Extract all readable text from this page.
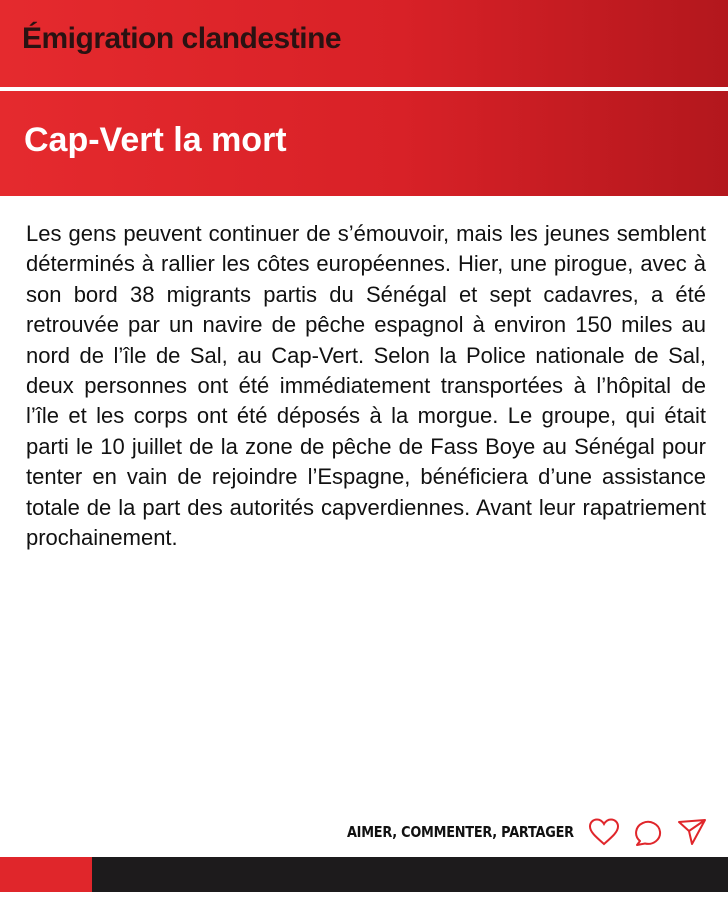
Émigration clandestine
Cap-Vert la mort

Les gens peuvent continuer de s’émouvoir, mais les jeunes semblent déterminés à rallier les côtes européennes. Hier, une pirogue, avec à son bord 38 migrants partis du Sénégal et sept cadavres, a été retrouvée par un navire de pêche espagnol à environ 150 miles au nord de l’île de Sal, au Cap-Vert. Selon la Police nationale de Sal, deux personnes ont été immédiatement transportées à l’hôpital de l’île et les corps ont été déposés à la morgue. Le groupe, qui était parti le 10 juillet de la zone de pêche de Fass Boye au Sénégal pour tenter en vain de rejoindre l’Espagne, bénéficiera d’une assistance totale de la part des autorités capverdiennes. Avant leur rapatriement prochainement.

AIMER, COMMENTER, PARTAGER
